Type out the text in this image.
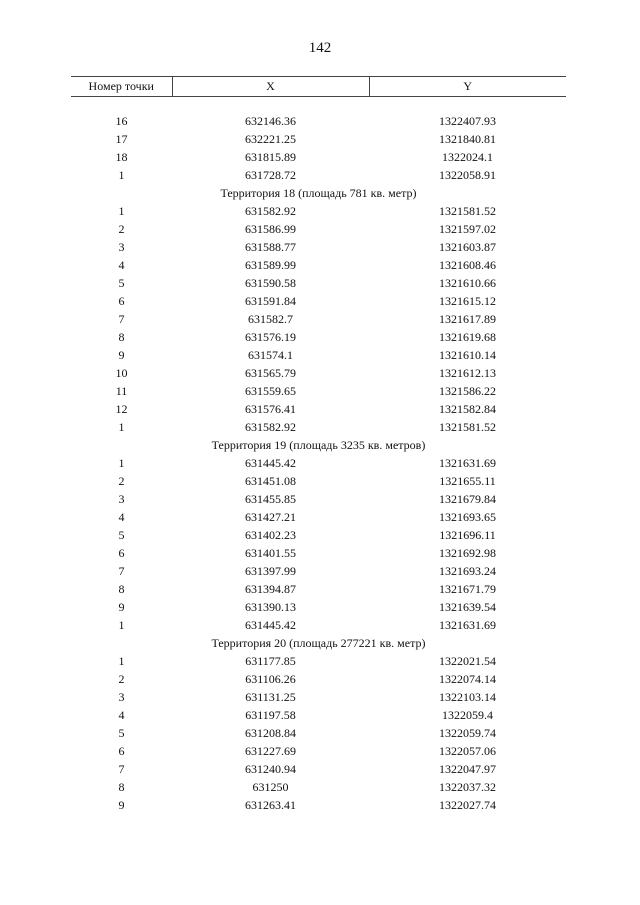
142
Номер точки	X	Y

16	632146.36	1322407.93
17	632221.25	1321840.81
18	631815.89	1322024.1
1	631728.72	1322058.91
Территория 18 (площадь 781 кв. метр)		
1	631582.92	1321581.52
2	631586.99	1321597.02
3	631588.77	1321603.87
4	631589.99	1321608.46
5	631590.58	1321610.66
6	631591.84	1321615.12
7	631582.7	1321617.89
8	631576.19	1321619.68
9	631574.1	1321610.14
10	631565.79	1321612.13
11	631559.65	1321586.22
12	631576.41	1321582.84
1	631582.92	1321581.52
Территория 19 (площадь 3235 кв. метров)		
1	631445.42	1321631.69
2	631451.08	1321655.11
3	631455.85	1321679.84
4	631427.21	1321693.65
5	631402.23	1321696.11
6	631401.55	1321692.98
7	631397.99	1321693.24
8	631394.87	1321671.79
9	631390.13	1321639.54
1	631445.42	1321631.69
Территория 20 (площадь 277221 кв. метр)		
1	631177.85	1322021.54
2	631106.26	1322074.14
3	631131.25	1322103.14
4	631197.58	1322059.4
5	631208.84	1322059.74
6	631227.69	1322057.06
7	631240.94	1322047.97
8	631250	1322037.32
9	631263.41	1322027.74
